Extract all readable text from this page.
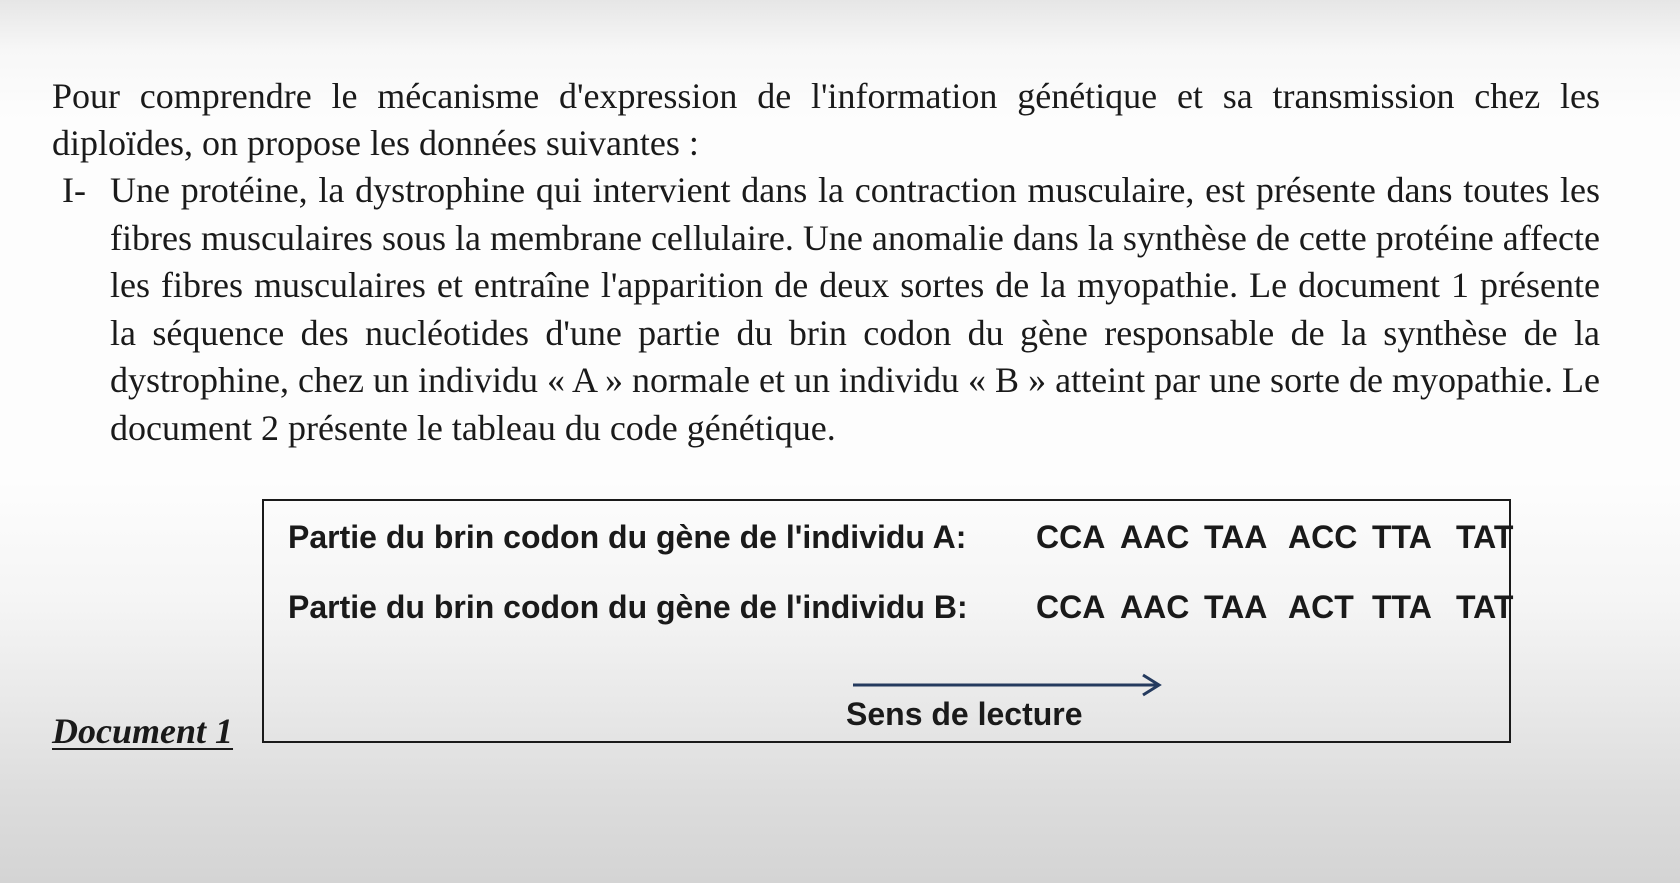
Pour comprendre le mécanisme d'expression de l'information génétique et sa transmission chez les diploïdes, on propose les données suivantes :

I- Une protéine, la dystrophine qui intervient dans la contraction musculaire, est présente dans toutes les fibres musculaires sous la membrane cellulaire. Une anomalie dans la synthèse de cette protéine affecte les fibres musculaires et entraîne l'apparition de deux sortes de la myopathie. Le document 1 présente la séquence des nucléotides d'une partie du brin codon du gène responsable de la synthèse de la dystrophine, chez un individu « A » normale et un individu « B » atteint par une sorte de myopathie. Le document 2 présente le tableau du code génétique.
Partie du brin codon du gène de l'individu A: CCA AAC TAA ACC TTA TAT
Partie du brin codon du gène de l'individu B: CCA AAC TAA ACT TTA TAT
Sens de lecture
Document 1
